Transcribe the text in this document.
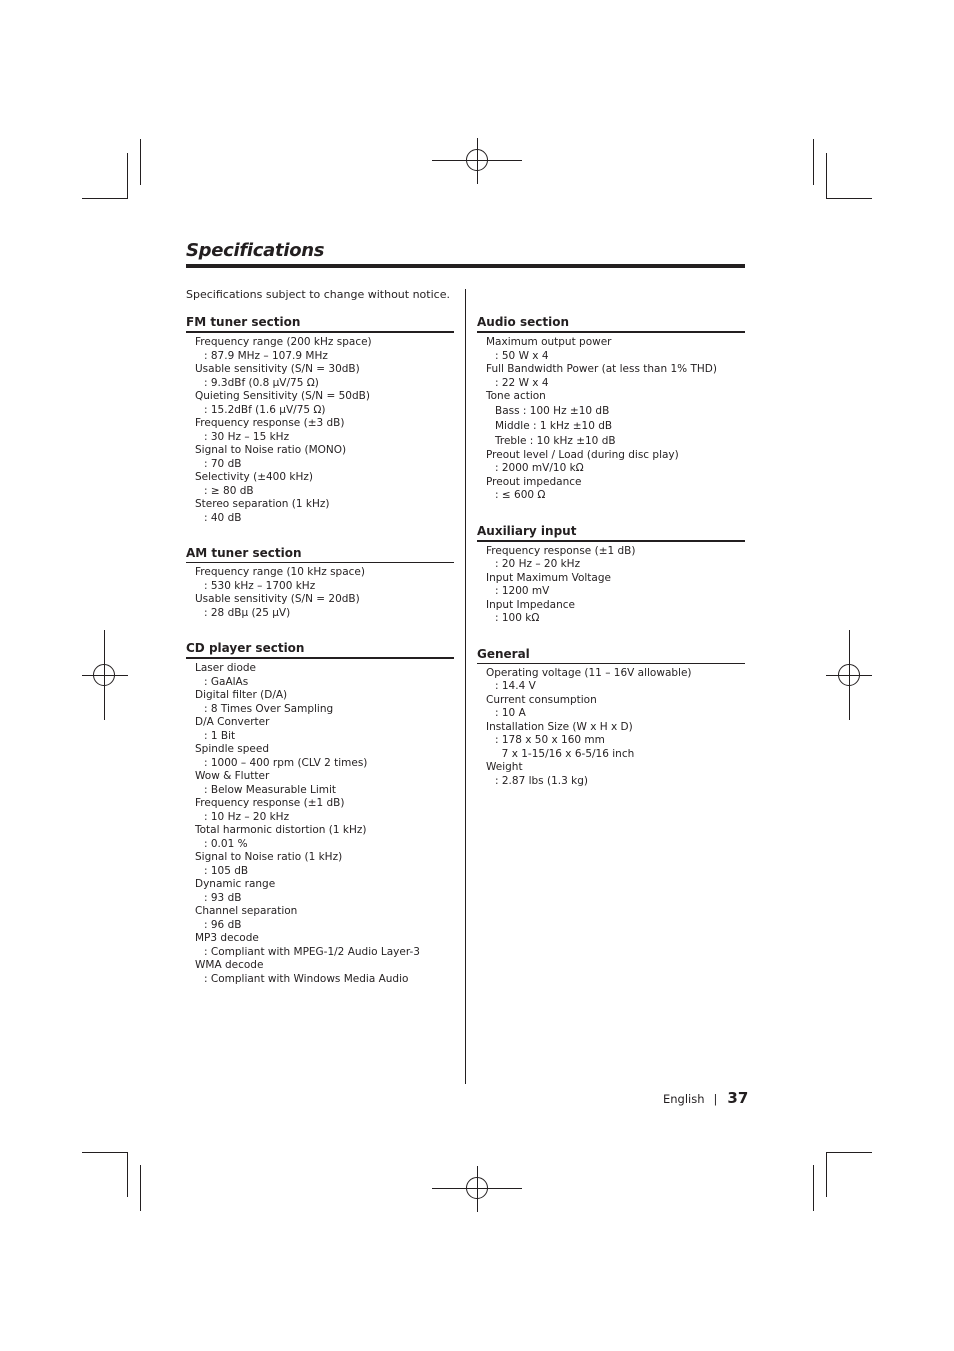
Specifications
Specifications subject to change without notice.
FM tuner section
Frequency range (200 kHz space)
: 87.9 MHz – 107.9 MHz
Usable sensitivity (S/N = 30dB)
: 9.3dBf (0.8 μV/75 Ω)
Quieting Sensitivity (S/N = 50dB)
: 15.2dBf (1.6 μV/75 Ω)
Frequency response (±3 dB)
: 30 Hz – 15 kHz
Signal to Noise ratio (MONO)
: 70 dB
Selectivity (±400 kHz)
: ≥ 80 dB
Stereo separation (1 kHz)
: 40 dB
AM tuner section
Frequency range (10 kHz space)
: 530 kHz – 1700 kHz
Usable sensitivity (S/N = 20dB)
: 28 dBμ (25 μV)
CD player section
Laser diode
: GaAlAs
Digital filter (D/A)
: 8 Times Over Sampling
D/A Converter
: 1 Bit
Spindle speed
: 1000 – 400 rpm (CLV 2 times)
Wow & Flutter
: Below Measurable Limit
Frequency response (±1 dB)
: 10 Hz – 20 kHz
Total harmonic distortion (1 kHz)
: 0.01 %
Signal to Noise ratio (1 kHz)
: 105 dB
Dynamic range
: 93 dB
Channel separation
: 96 dB
MP3 decode
: Compliant with MPEG-1/2 Audio Layer-3
WMA decode
: Compliant with Windows Media Audio
Audio section
Maximum output power
: 50 W x 4
Full Bandwidth Power (at less than 1% THD)
: 22 W x 4
Tone action
Bass : 100 Hz ±10 dB
Middle : 1 kHz ±10 dB
Treble : 10 kHz ±10 dB
Preout level / Load (during disc play)
: 2000 mV/10 kΩ
Preout impedance
: ≤ 600 Ω
Auxiliary input
Frequency response (±1 dB)
: 20 Hz – 20 kHz
Input Maximum Voltage
: 1200 mV
Input Impedance
: 100 kΩ
General
Operating voltage (11 – 16V allowable)
: 14.4 V
Current consumption
: 10 A
Installation Size (W x H x D)
: 178 x 50 x 160 mm
7 x 1-15/16 x 6-5/16 inch
Weight
: 2.87 lbs (1.3 kg)
English | 37
